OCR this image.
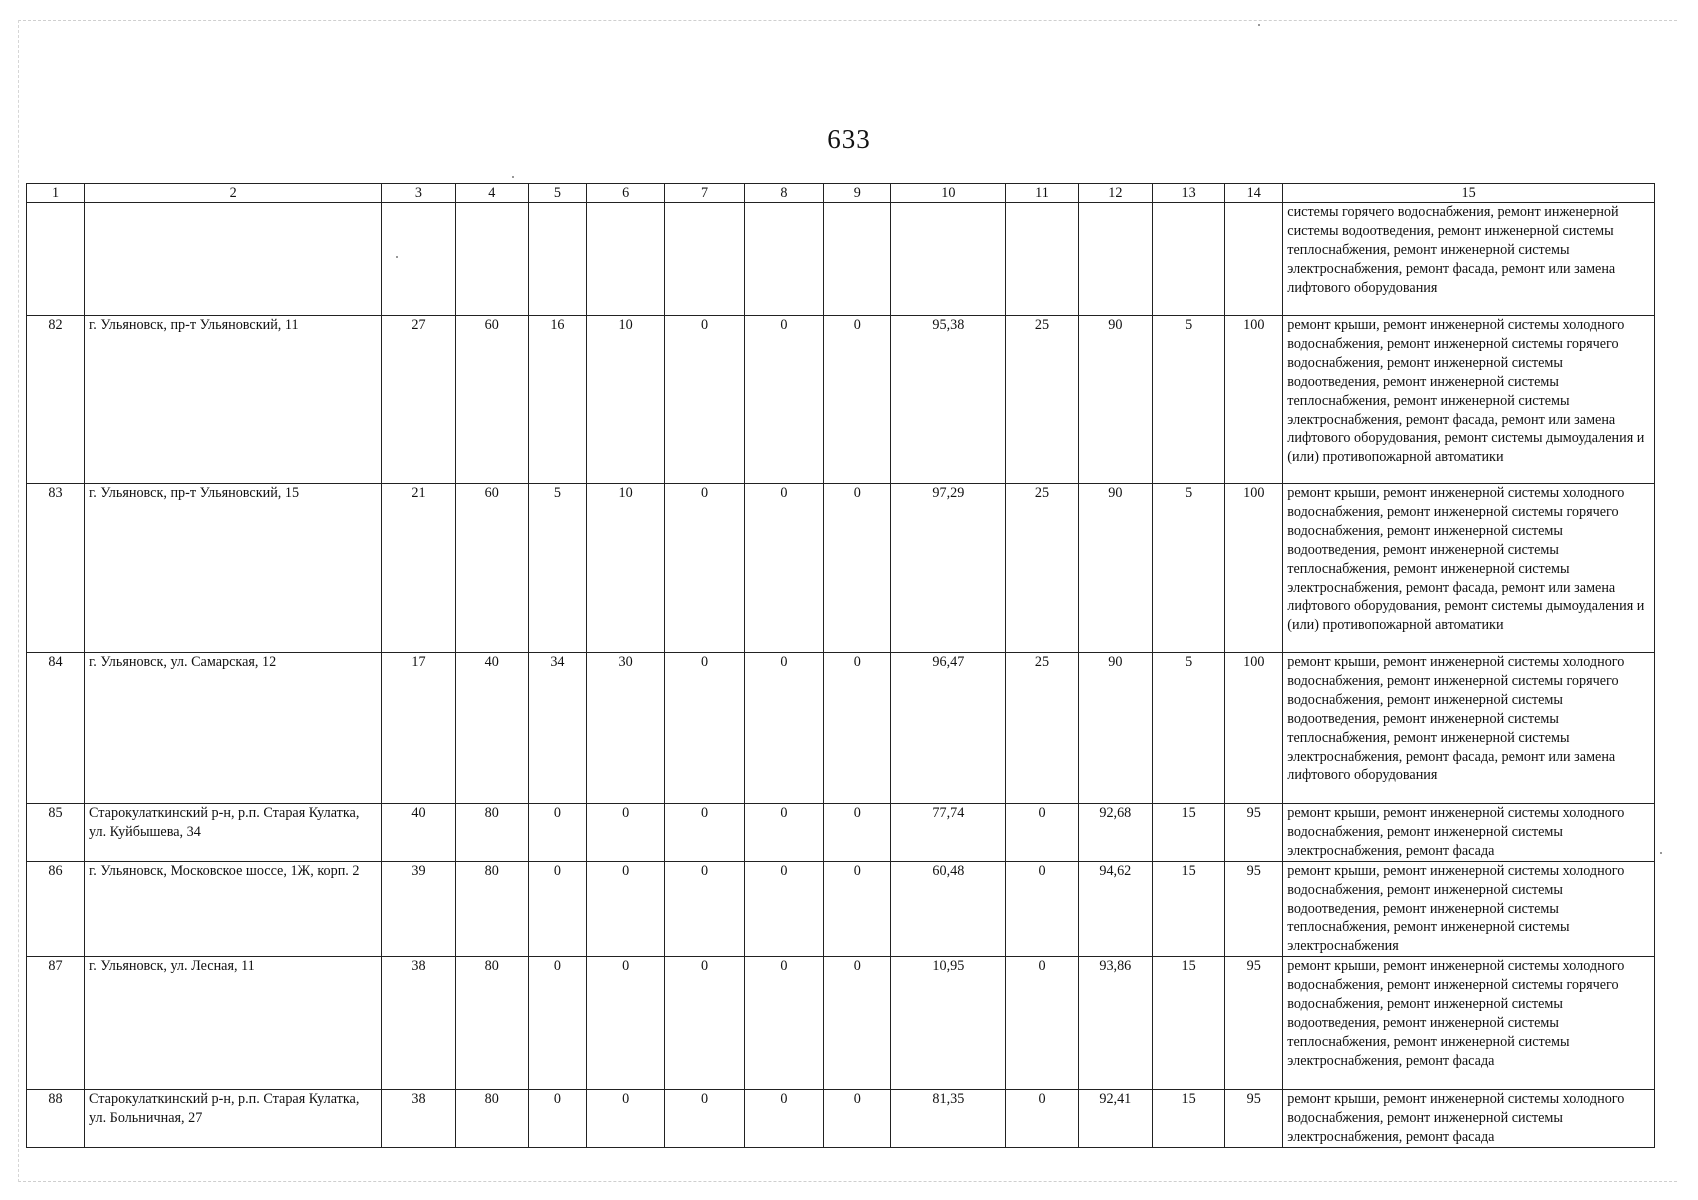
633
1	2	3	4	5	6	7	8	9	10	11	12	13	14	15
														системы горячего водоснабжения, ремонт инженерной системы водоотведения, ремонт инженерной системы теплоснабжения, ремонт инженерной системы электроснабжения, ремонт фасада, ремонт или замена лифтового оборудования
82	г. Ульяновск, пр-т Ульяновский, 11	27	60	16	10	0	0	0	95,38	25	90	5	100	ремонт крыши, ремонт инженерной системы холодного водоснабжения, ремонт инженерной системы горячего водоснабжения, ремонт инженерной системы водоотведения, ремонт инженерной системы теплоснабжения, ремонт инженерной системы электроснабжения, ремонт фасада, ремонт или замена лифтового оборудования, ремонт системы дымоудаления и (или) противопожарной автоматики
83	г. Ульяновск, пр-т Ульяновский, 15	21	60	5	10	0	0	0	97,29	25	90	5	100	ремонт крыши, ремонт инженерной системы холодного водоснабжения, ремонт инженерной системы горячего водоснабжения, ремонт инженерной системы водоотведения, ремонт инженерной системы теплоснабжения, ремонт инженерной системы электроснабжения, ремонт фасада, ремонт или замена лифтового оборудования, ремонт системы дымоудаления и (или) противопожарной автоматики
84	г. Ульяновск, ул. Самарская, 12	17	40	34	30	0	0	0	96,47	25	90	5	100	ремонт крыши, ремонт инженерной системы холодного водоснабжения, ремонт инженерной системы горячего водоснабжения, ремонт инженерной системы водоотведения, ремонт инженерной системы теплоснабжения, ремонт инженерной системы электроснабжения, ремонт фасада, ремонт или замена лифтового оборудования
85	Старокулаткинский р-н, р.п. Старая Кулатка, ул. Куйбышева, 34	40	80	0	0	0	0	0	77,74	0	92,68	15	95	ремонт крыши, ремонт инженерной системы холодного водоснабжения, ремонт инженерной системы электроснабжения, ремонт фасада
86	г. Ульяновск, Московское шоссе, 1Ж, корп. 2	39	80	0	0	0	0	0	60,48	0	94,62	15	95	ремонт крыши, ремонт инженерной системы холодного водоснабжения, ремонт инженерной системы водоотведения, ремонт инженерной системы теплоснабжения, ремонт инженерной системы электроснабжения
87	г. Ульяновск, ул. Лесная, 11	38	80	0	0	0	0	0	10,95	0	93,86	15	95	ремонт крыши, ремонт инженерной системы холодного водоснабжения, ремонт инженерной системы горячего водоснабжения, ремонт инженерной системы водоотведения, ремонт инженерной системы теплоснабжения, ремонт инженерной системы электроснабжения, ремонт фасада
88	Старокулаткинский р-н, р.п. Старая Кулатка, ул. Больничная, 27	38	80	0	0	0	0	0	81,35	0	92,41	15	95	ремонт крыши, ремонт инженерной системы холодного водоснабжения, ремонт инженерной системы электроснабжения, ремонт фасада
